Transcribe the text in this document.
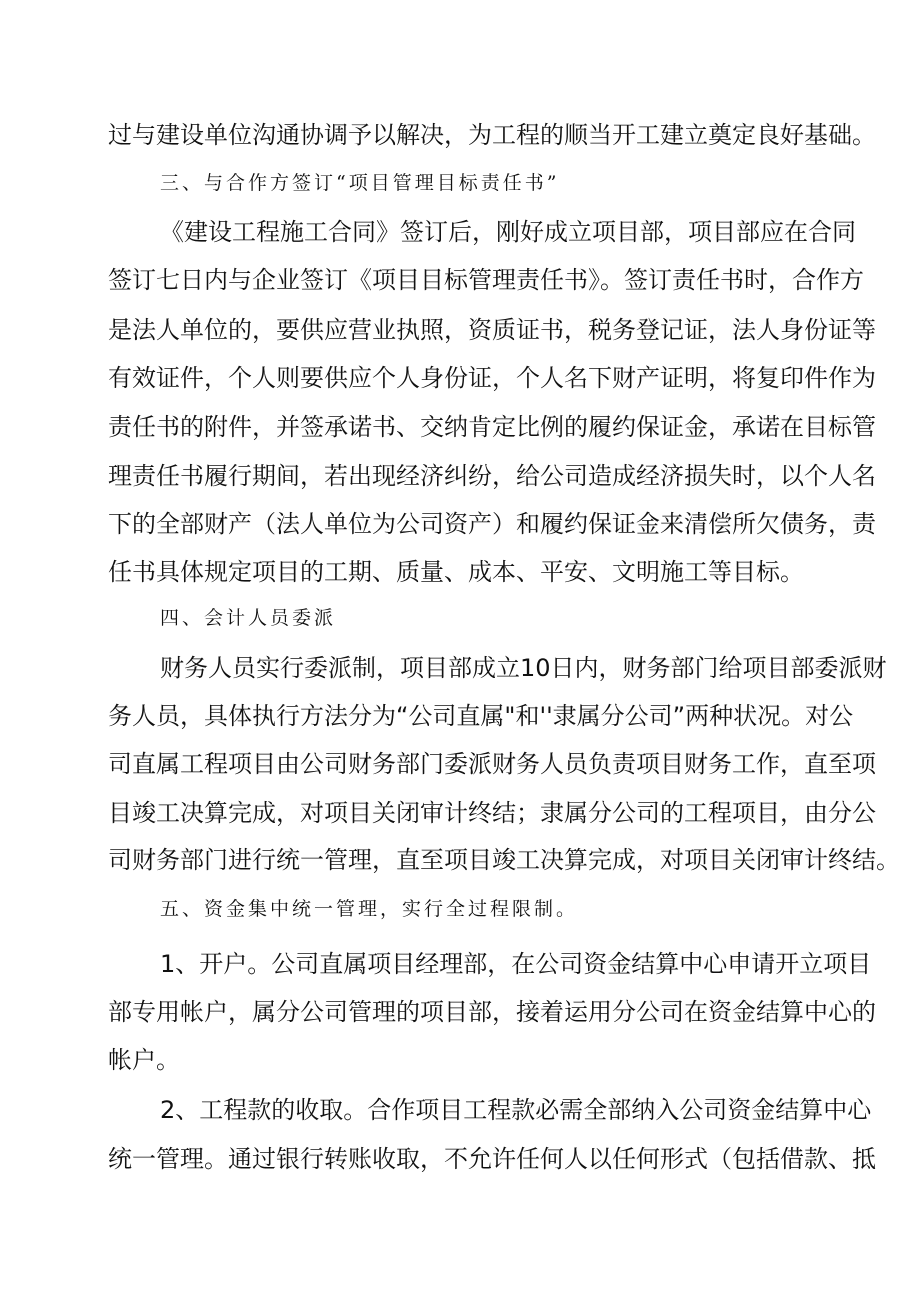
过与建设单位沟通协调予以解决，为工程的顺当开工建立奠定良好基础。
三、与合作方签订“项目管理目标责任书”
《建设工程施工合同》签订后，刚好成立项目部，项目部应在合同
签订七日内与企业签订《项目目标管理责任书》。签订责任书时，合作方
是法人单位的，要供应营业执照，资质证书，税务登记证，法人身份证等
有效证件，个人则要供应个人身份证，个人名下财产证明，将复印件作为
责任书的附件，并签承诺书、交纳肯定比例的履约保证金，承诺在目标管
理责任书履行期间，若出现经济纠纷，给公司造成经济损失时，以个人名
下的全部财产（法人单位为公司资产）和履约保证金来清偿所欠债务，责
任书具体规定项目的工期、质量、成本、平安、文明施工等目标。
四、会计人员委派
财务人员实行委派制，项目部成立10日内，财务部门给项目部委派财
务人员，具体执行方法分为“公司直属"和''隶属分公司”两种状况。对公
司直属工程项目由公司财务部门委派财务人员负责项目财务工作，直至项
目竣工决算完成，对项目关闭审计终结；隶属分公司的工程项目，由分公
司财务部门进行统一管理，直至项目竣工决算完成，对项目关闭审计终结。
五、资金集中统一管理，实行全过程限制。
1、开户。公司直属项目经理部，在公司资金结算中心申请开立项目
部专用帐户，属分公司管理的项目部，接着运用分公司在资金结算中心的
帐户。
2、工程款的收取。合作项目工程款必需全部纳入公司资金结算中心
统一管理。通过银行转账收取，不允许任何人以任何形式（包括借款、抵
